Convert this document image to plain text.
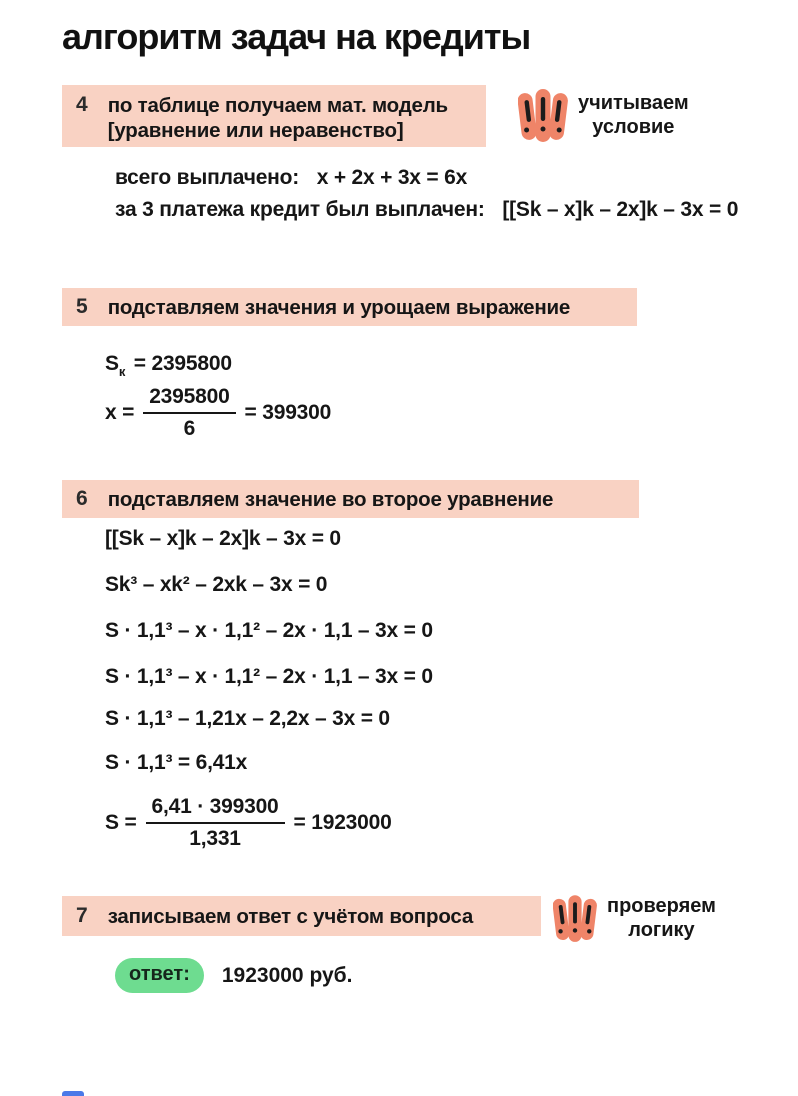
алгоритм задач на кредиты
4 по таблице получаем мат. модель
[уравнение или неравенство]
учитываем
условие
всего выплачено: x + 2x + 3x = 6x
за 3 платежа кредит был выплачен: [[Sk – x]k – 2x]k – 3x = 0
5 подставляем значения и урощаем выражение
$S_к = 2395800$
$x = \frac{2395800}{6} = 399300$
6 подставляем значение во второе уравнение
[[Sk – x]k – 2x]k – 3x = 0
Sk³ – xk² – 2xk – 3x = 0
S · 1,1³ – x · 1,1² – 2x · 1,1 – 3x = 0
S · 1,1³ – x · 1,1² – 2x · 1,1 – 3x = 0
S · 1,1³ – 1,21x – 2,2x – 3x = 0
S · 1,1³ = 6,41x
$S = \frac{6,41 \cdot 399300}{1,331} = 1923000$
7 записываем ответ с учётом вопроса	проверяем
логику
ответ:	1923000 руб.
